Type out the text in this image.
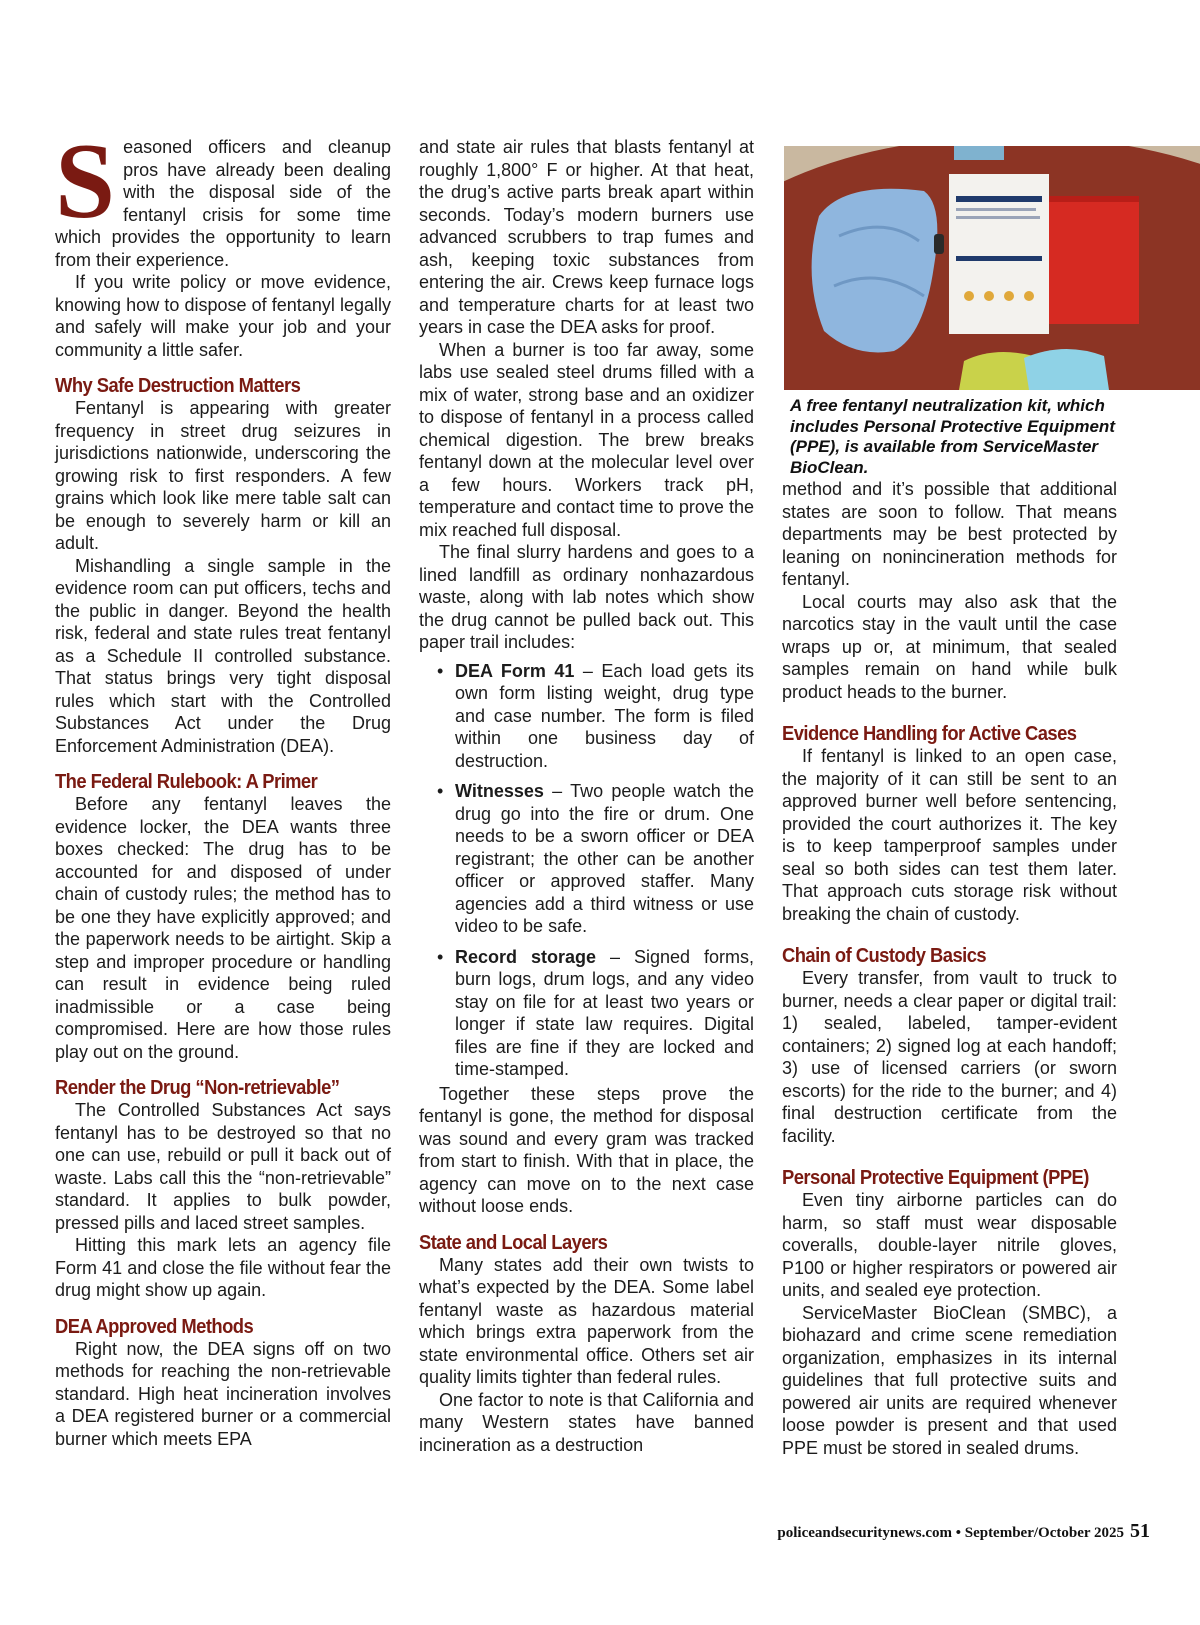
S easoned officers and cleanup pros have already been dealing with the disposal side of the fentanyl crisis for some time which provides the opportunity to learn from their experience.

If you write policy or move evidence, knowing how to dispose of fentanyl legally and safely will make your job and your community a little safer.

Why Safe Destruction Matters

Fentanyl is appearing with greater frequency in street drug seizures in jurisdictions nationwide, underscoring the growing risk to first responders. A few grains which look like mere table salt can be enough to severely harm or kill an adult.

Mishandling a single sample in the evidence room can put officers, techs and the public in danger. Beyond the health risk, federal and state rules treat fentanyl as a Schedule II controlled substance. That status brings very tight disposal rules which start with the Controlled Substances Act under the Drug Enforcement Administration (DEA).

The Federal Rulebook: A Primer

Before any fentanyl leaves the evidence locker, the DEA wants three boxes checked: The drug has to be accounted for and disposed of under chain of custody rules; the method has to be one they have explicitly approved; and the paperwork needs to be airtight. Skip a step and improper procedure or handling can result in evidence being ruled inadmissible or a case being compromised. Here are how those rules play out on the ground.

Render the Drug “Non-retrievable”

The Controlled Substances Act says fentanyl has to be destroyed so that no one can use, rebuild or pull it back out of waste. Labs call this the “non-retrievable” standard. It applies to bulk powder, pressed pills and laced street samples.

Hitting this mark lets an agency file Form 41 and close the file without fear the drug might show up again.

DEA Approved Methods

Right now, the DEA signs off on two methods for reaching the non-retrievable standard. High heat incineration involves a DEA registered burner or a commercial burner which meets EPA

and state air rules that blasts fentanyl at roughly 1,800° F or higher. At that heat, the drug’s active parts break apart within seconds. Today’s modern burners use advanced scrubbers to trap fumes and ash, keeping toxic substances from entering the air. Crews keep furnace logs and temperature charts for at least two years in case the DEA asks for proof.

When a burner is too far away, some labs use sealed steel drums filled with a mix of water, strong base and an oxidizer to dispose of fentanyl in a process called chemical digestion. The brew breaks fentanyl down at the molecular level over a few hours. Workers track pH, temperature and contact time to prove the mix reached full disposal.

The final slurry hardens and goes to a lined landfill as ordinary nonhazardous waste, along with lab notes which show the drug cannot be pulled back out. This paper trail includes:

• DEA Form 41 – Each load gets its own form listing weight, drug type and case number. The form is filed within one business day of destruction.
• Witnesses – Two people watch the drug go into the fire or drum. One needs to be a sworn officer or DEA registrant; the other can be another officer or approved staffer. Many agencies add a third witness or use video to be safe.
• Record storage – Signed forms, burn logs, drum logs, and any video stay on file for at least two years or longer if state law requires. Digital files are fine if they are locked and time-stamped.

Together these steps prove the fentanyl is gone, the method for disposal was sound and every gram was tracked from start to finish. With that in place, the agency can move on to the next case without loose ends.

State and Local Layers

Many states add their own twists to what’s expected by the DEA. Some label fentanyl waste as hazardous material which brings extra paperwork from the state environmental office. Others set air quality limits tighter than federal rules.

One factor to note is that California and many Western states have banned incineration as a destruction

A free fentanyl neutralization kit, which includes Personal Protective Equipment (PPE), is available from ServiceMaster BioClean.

method and it’s possible that additional states are soon to follow. That means departments may be best protected by leaning on nonincineration methods for fentanyl.

Local courts may also ask that the narcotics stay in the vault until the case wraps up or, at minimum, that sealed samples remain on hand while bulk product heads to the burner.

Evidence Handling for Active Cases

If fentanyl is linked to an open case, the majority of it can still be sent to an approved burner well before sentencing, provided the court authorizes it. The key is to keep tamperproof samples under seal so both sides can test them later. That approach cuts storage risk without breaking the chain of custody.

Chain of Custody Basics

Every transfer, from vault to truck to burner, needs a clear paper or digital trail: 1) sealed, labeled, tamper-evident containers; 2) signed log at each handoff; 3) use of licensed carriers (or sworn escorts) for the ride to the burner; and 4) final destruction certificate from the facility.

Personal Protective Equipment (PPE)

Even tiny airborne particles can do harm, so staff must wear disposable coveralls, double-layer nitrile gloves, P100 or higher respirators or powered air units, and sealed eye protection.

ServiceMaster BioClean (SMBC), a biohazard and crime scene remediation organization, emphasizes in its internal guidelines that full protective suits and powered air units are required whenever loose powder is present and that used PPE must be stored in sealed drums.

policeandsecuritynews.com • September/October 2025 51
